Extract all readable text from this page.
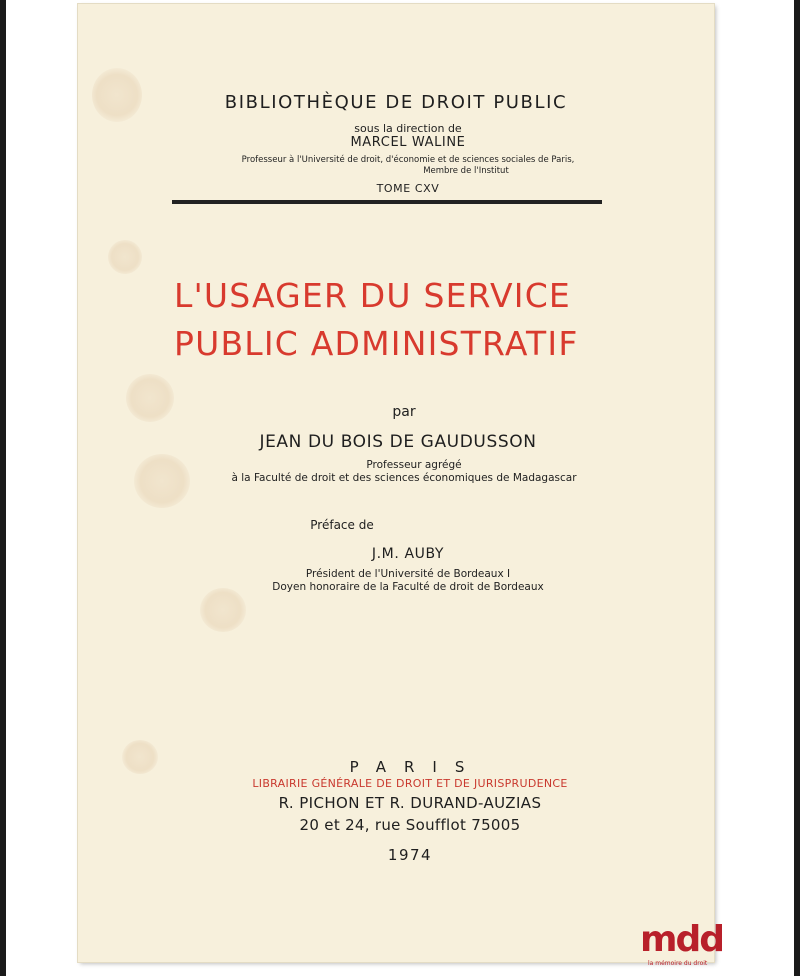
BIBLIOTHÈQUE DE DROIT PUBLIC
sous la direction de
MARCEL WALINE
Professeur à l'Université de droit, d'économie et de sciences sociales de Paris,
Membre de l'Institut
TOME CXV
L'USAGER DU SERVICE
PUBLIC ADMINISTRATIF
par
JEAN DU BOIS DE GAUDUSSON
Professeur agrégé
à la Faculté de droit et des sciences économiques de Madagascar
Préface de
J.M. AUBY
Président de l'Université de Bordeaux I
Doyen honoraire de la Faculté de droit de Bordeaux
PARIS
LIBRAIRIE GÉNÉRALE DE DROIT ET DE JURISPRUDENCE
R. PICHON ET R. DURAND-AUZIAS
20 et 24, rue Soufflot 75005
1974
mdd
la mémoire du droit
